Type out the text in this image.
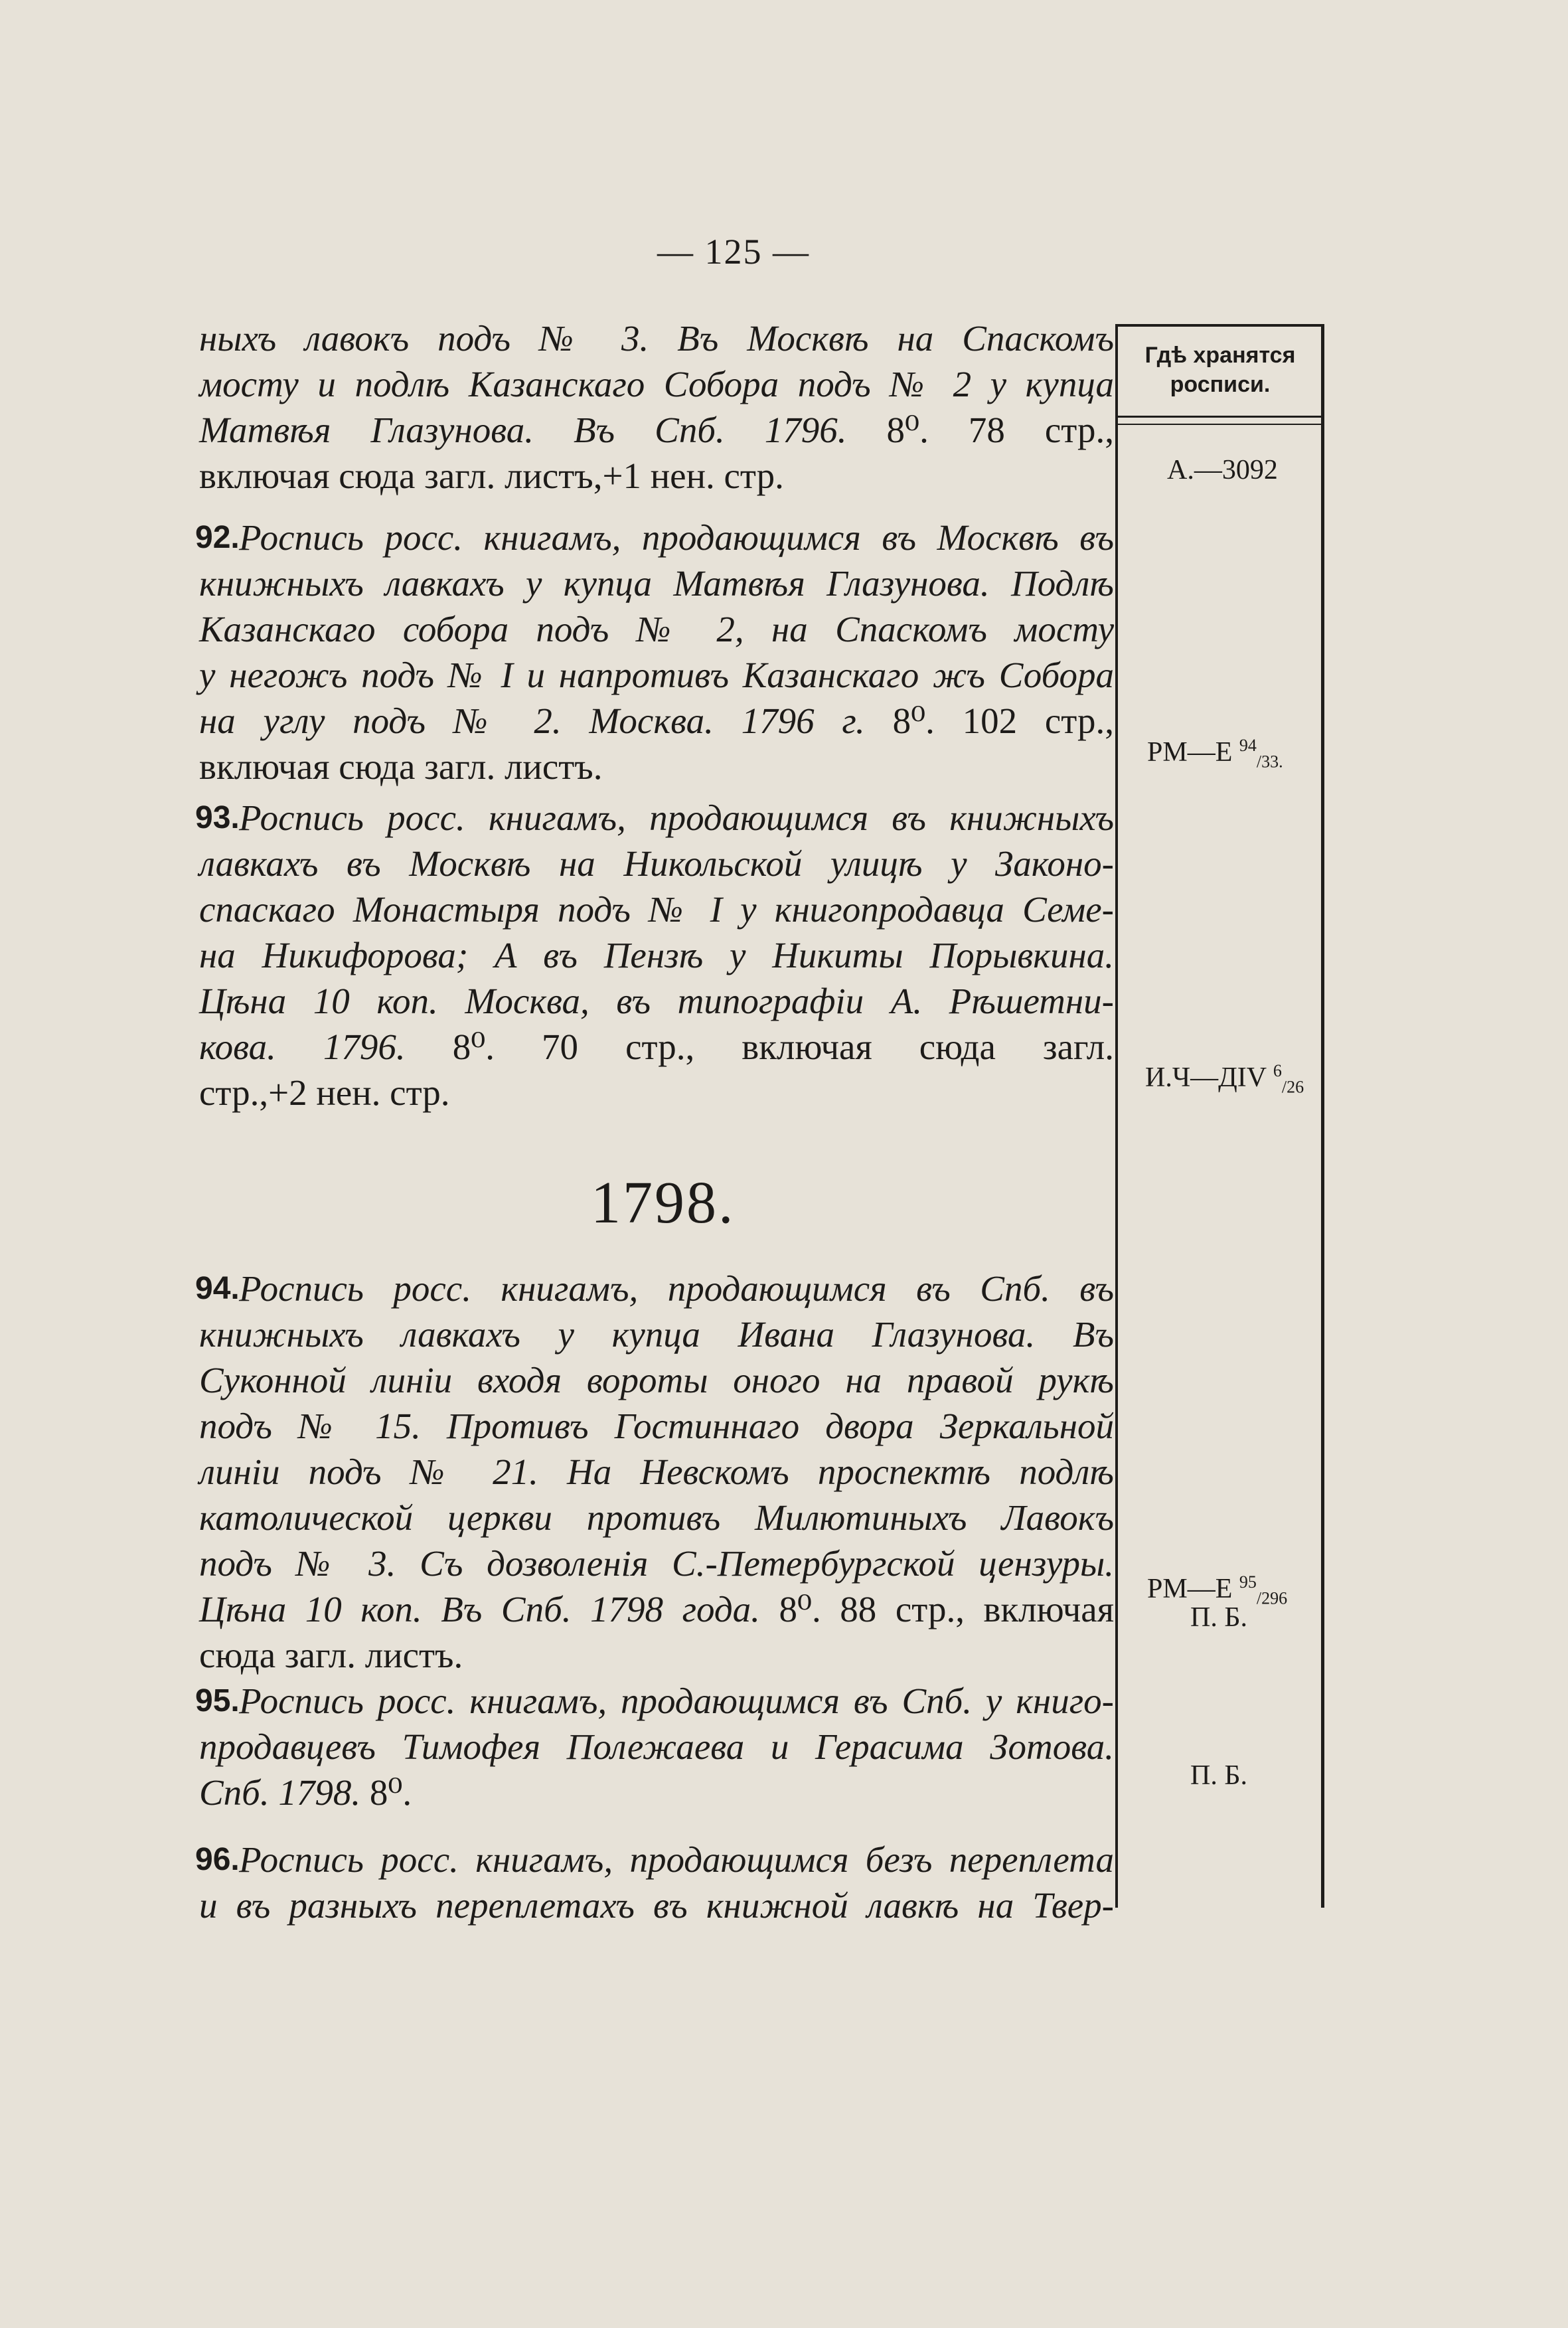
— 125 —
ныхъ лавокъ подъ № 3. Въ Москвѣ на Спаскомъ
мосту и подлѣ Казанскаго Собора подъ № 2 у купца
Матвѣя Глазунова. Въ Спб. 1796. 8⁰. 78 стр.,
включая сюда загл. листъ,+1 нен. стр.
92. Роспись росс. книгамъ, продающимся въ Москвѣ въ
книжныхъ лавкахъ у купца Матвѣя Глазунова. Подлѣ
Казанскаго собора подъ № 2, на Спаскомъ мосту
у негожъ подъ № I и напротивъ Казанскаго жъ Собора
на углу подъ № 2. Москва. 1796 г. 8⁰. 102 стр.,
включая сюда загл. листъ.
93. Роспись росс. книгамъ, продающимся въ книжныхъ
лавкахъ въ Москвѣ на Никольской улицѣ у Законо-
спаскаго Монастыря подъ № I у книгопродавца Семе-
на Никифорова; А въ Пензѣ у Никиты Порывкина.
Цѣна 10 коп. Москва, въ типографiи А. Рѣшетни-
кова. 1796. 8⁰. 70 стр., включая сюда загл.
стр.,+2 нен. стр.
1798.
94. Роспись росс. книгамъ, продающимся въ Спб. въ
книжныхъ лавкахъ у купца Ивана Глазунова. Въ
Суконной линiи входя вороты оного на правой рукѣ
подъ № 15. Противъ Гостиннаго двора Зеркальной
линiи подъ № 21. На Невскомъ проспектѣ подлѣ
католической церкви противъ Милютиныхъ Лавокъ
подъ № 3. Съ дозволенiя С.-Петербургской цензуры.
Цѣна 10 коп. Въ Спб. 1798 года. 8⁰. 88 стр., включая
сюда загл. листъ.
95. Роспись росс. книгамъ, продающимся въ Спб. у книго-
продавцевъ Тимофея Полежаева и Герасима Зотова.
Спб. 1798. 8⁰.
96. Роспись росс. книгамъ, продающимся безъ переплета
и въ разныхъ переплетахъ въ книжной лавкѣ на Твер-
Гдѣ хранятся
росписи.
А.—3092
РМ—Е $^{94}_{/33.}$
И.Ч—ДIV $^6_{/26}$
РМ—Е $^{95}_{/296}$
П. Б.
П. Б.
